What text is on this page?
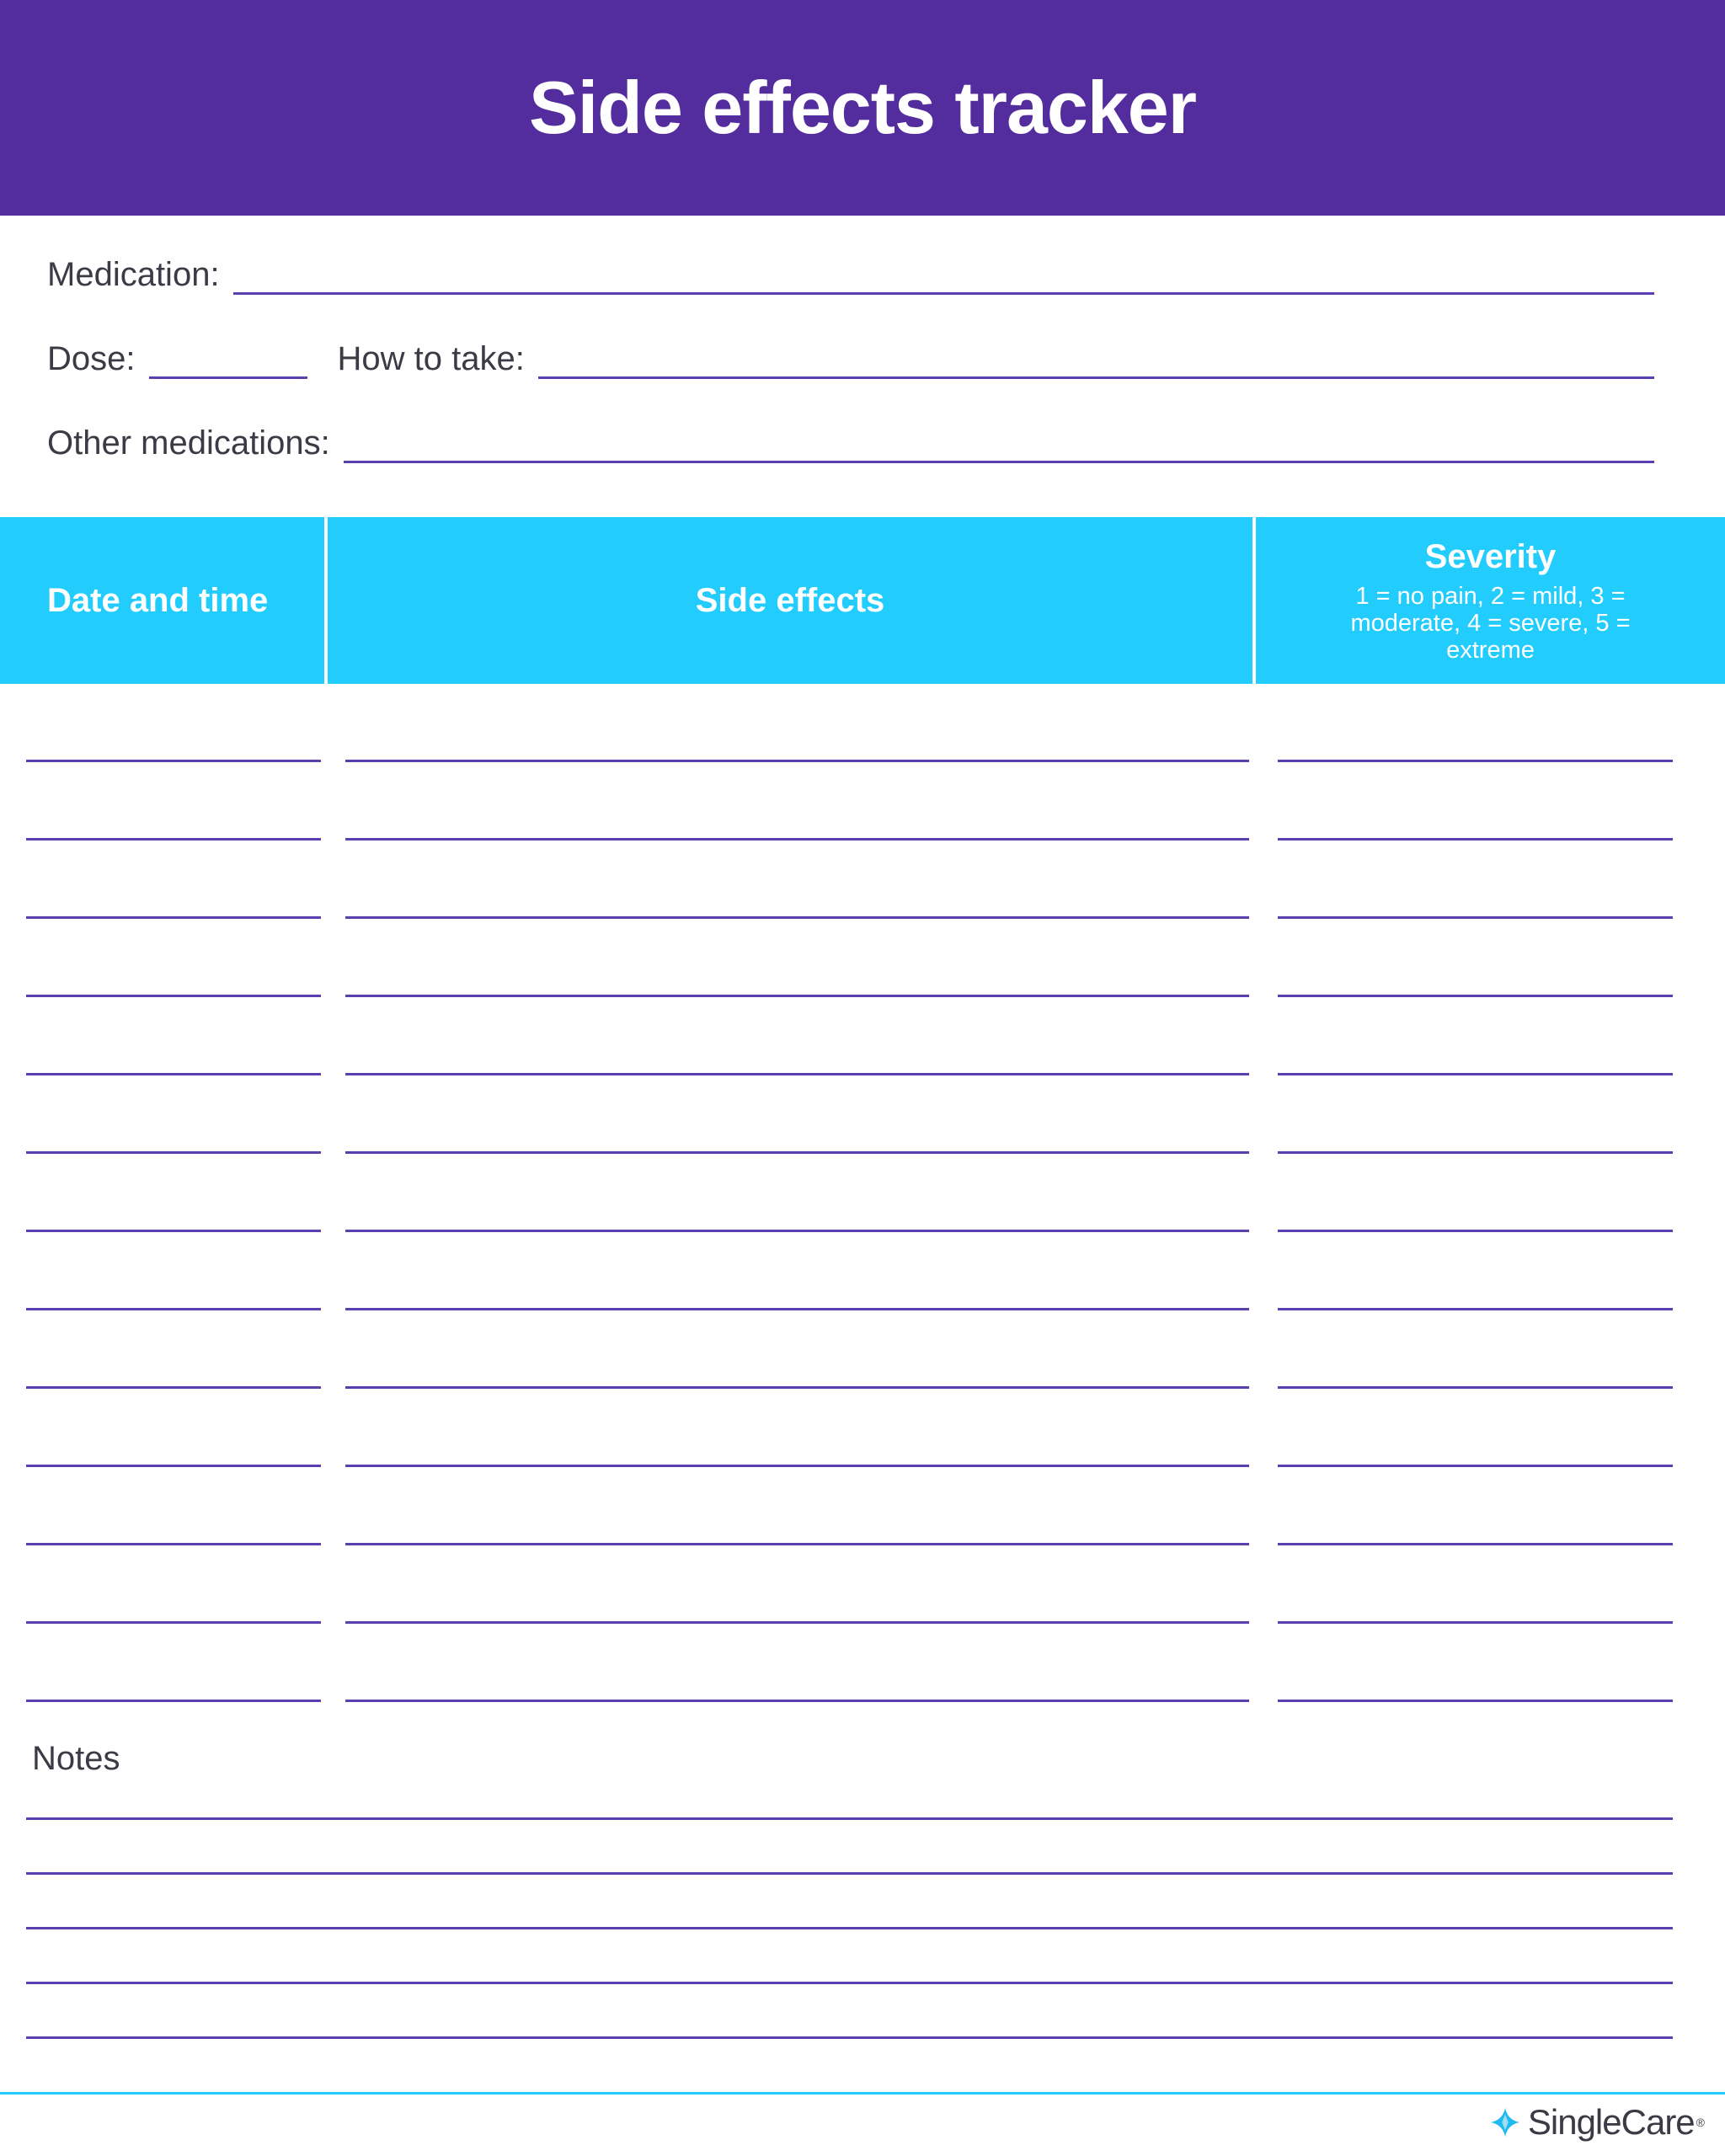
Side effects tracker
Medication:
Dose:	How to take:
Other medications:
Date and time	Side effects
Severity
1 = no pain, 2 = mild, 3 = moderate, 4 = severe, 5 = extreme
Notes
SingleCare ®
